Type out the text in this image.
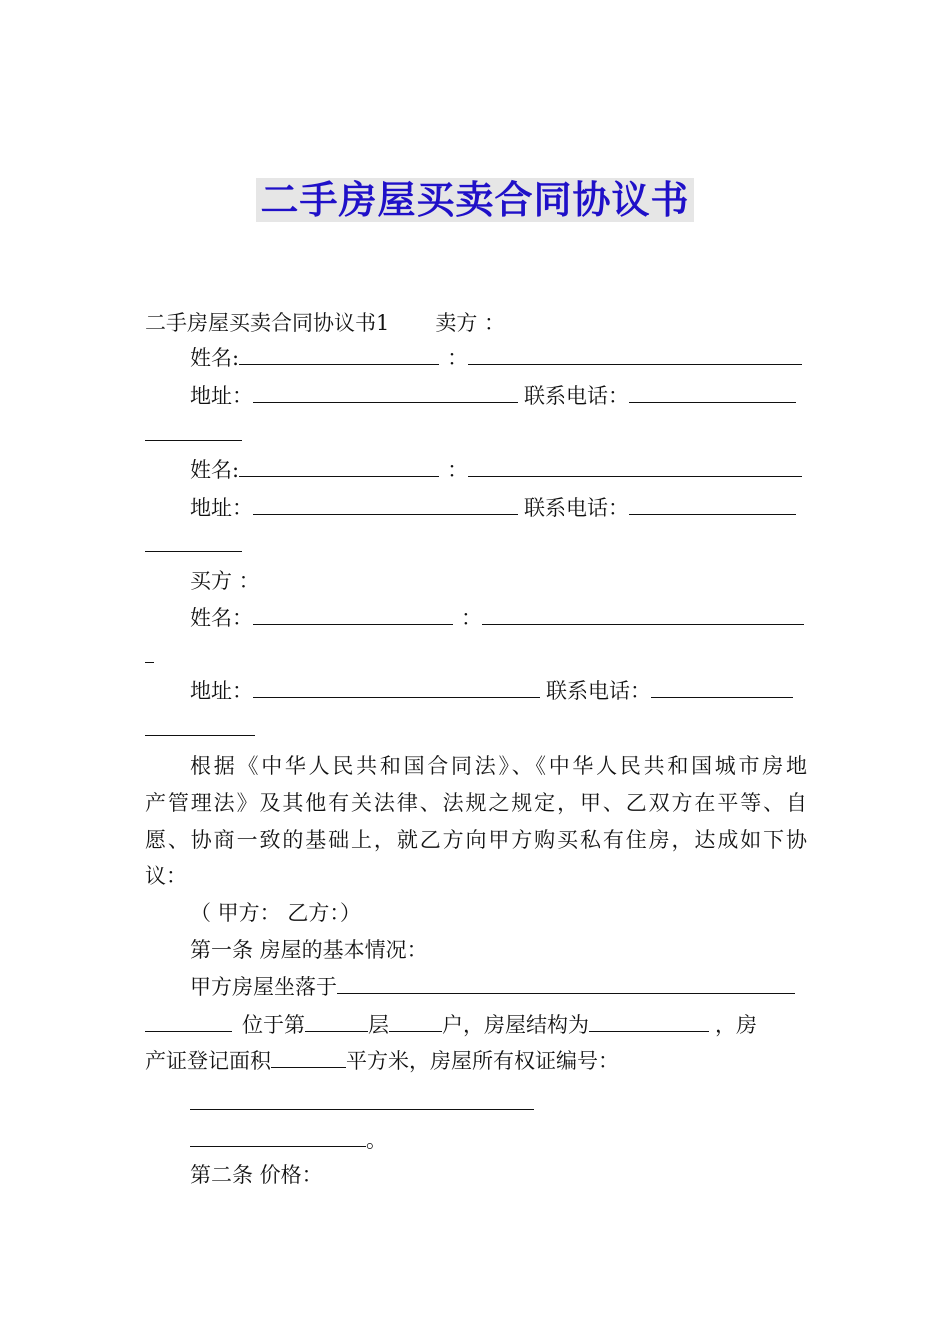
二手房屋买卖合同协议书
二手房屋买卖合同协议书1 卖方 ：
姓名:	：
地址：	联系电话：
姓名:	：
地址：	联系电话：
买方 ：
姓名：	：
地址：	联系电话：
根据《中华人民共和国合同法》、《中华人民共和国城市房地
产管理法》及其他有关法律、法规之规定，甲、乙双方在平等、自
愿、协商一致的基础上，就乙方向甲方购买私有住房，达成如下协
议：
（ 甲方： 乙方：）
第一条 房屋的基本情况：
甲方房屋坐落于
位于第	层	户，房屋结构为	，房
产证登记面积	平方米，房屋所有权证编号：
。
第二条 价格：
